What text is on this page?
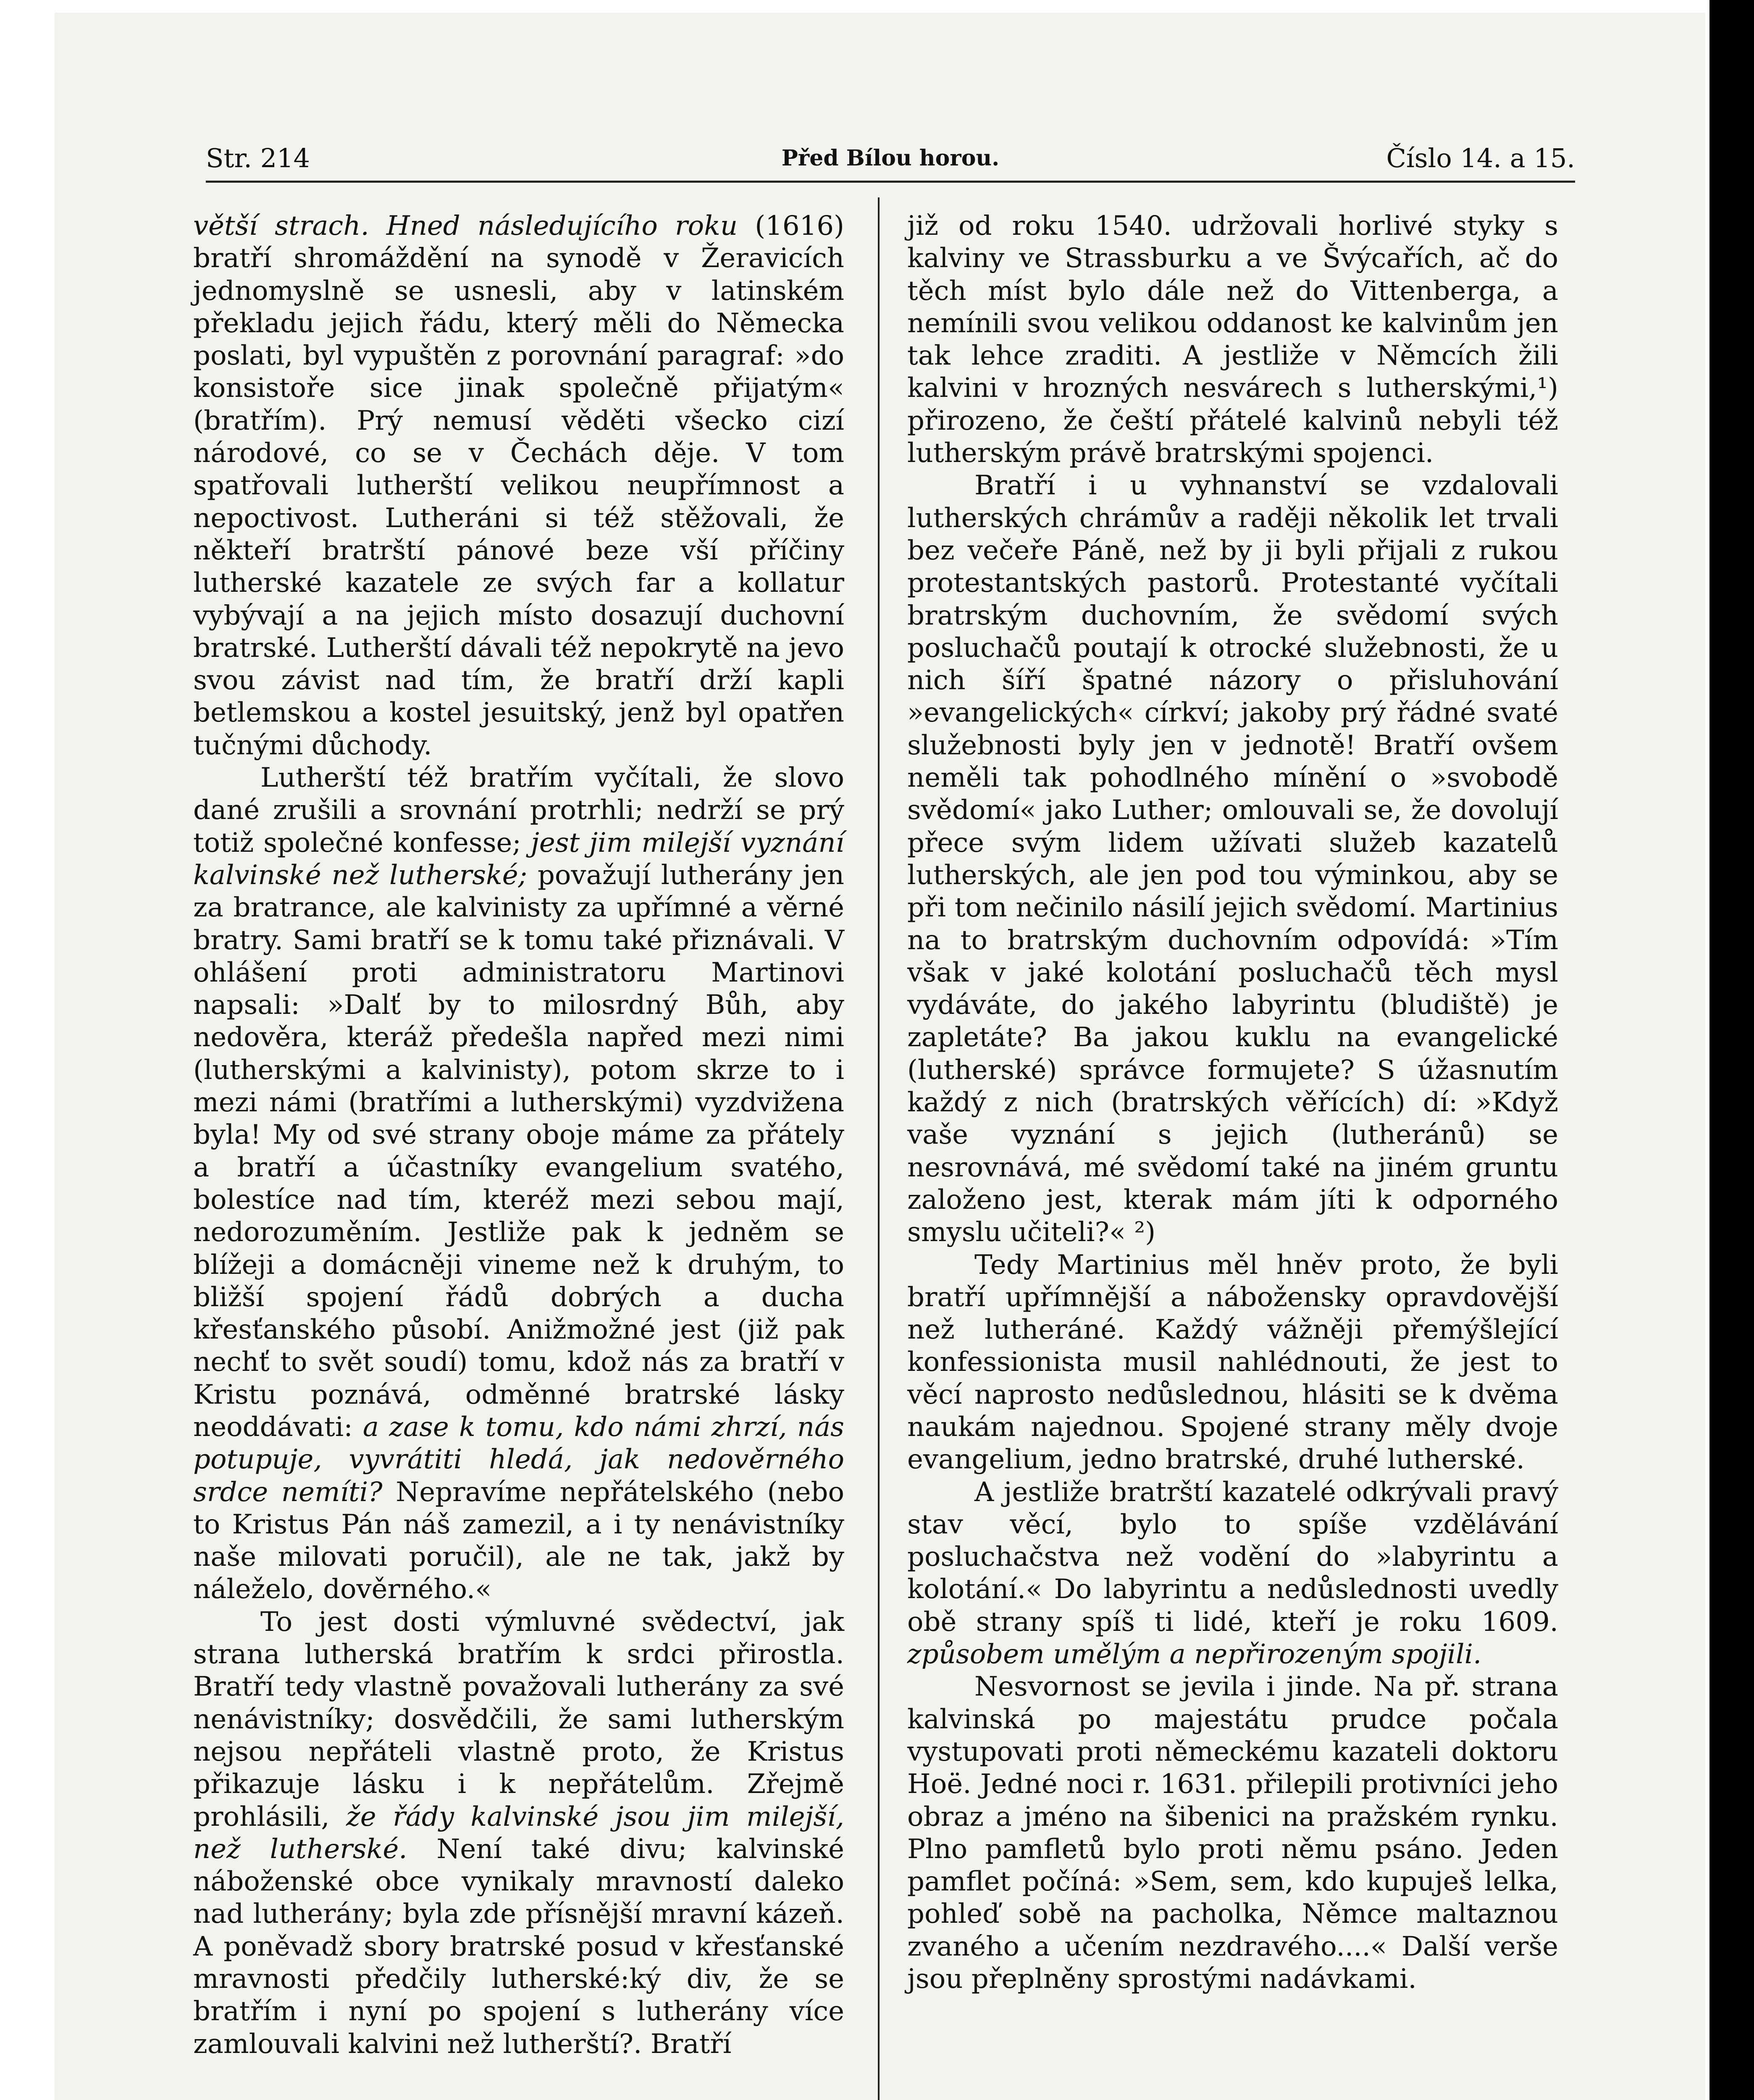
Str. 214	Před Bílou horou.	Číslo 14. a 15.

větší strach. Hned následujícího roku (1616) bratří shromáždění na synodě v Žeravicích jednomyslně se usnesli, aby v latinském překladu jejich řádu, který měli do Německa poslati, byl vypuštěn z porovnání paragraf: »do konsistoře sice jinak společně přijatým« (bratřím). Prý nemusí věděti všecko cizí národové, co se v Čechách děje. V tom spatřovali lutherští velikou neupřímnost a nepoctivost. Lutheráni si též stěžovali, že někteří bratrští pánové beze vší příčiny lutherské kazatele ze svých far a kollatur vybývají a na jejich místo dosazují duchovní bratrské. Lutherští dávali též nepokrytě na jevo svou závist nad tím, že bratří drží kapli betlemskou a kostel jesuitský, jenž byl opatřen tučnými důchody.

Lutherští též bratřím vyčítali, že slovo dané zrušili a srovnání protrhli; nedrží se prý totiž společné konfesse; jest jim milejší vyznání kalvinské než lutherské; považují lutherány jen za bratrance, ale kalvinisty za upřímné a věrné bratry. Sami bratří se k tomu také přiznávali. V ohlášení proti administratoru Martinovi napsali: »Dalť by to milosrdný Bůh, aby nedověra, kteráž předešla napřed mezi nimi (lutherskými a kalvinisty), potom skrze to i mezi námi (bratřími a lutherskými) vyzdvižena byla! My od své strany oboje máme za přátely a bratří a účastníky evangelium svatého, bolestíce nad tím, kteréž mezi sebou mají, nedorozuměním. Jestliže pak k jedněm se blížeji a domácněji vineme než k druhým, to bližší spojení řádů dobrých a ducha křesťanského působí. Anižmožné jest (již pak nechť to svět soudí) tomu, kdož nás za bratří v Kristu poznává, odměnné bratrské lásky neoddávati: a zase k tomu, kdo námi zhrzí, nás potupuje, vyvrátiti hledá, jak nedověrného srdce nemíti? Nepravíme nepřátelského (nebo to Kristus Pán náš zamezil, a i ty nenávistníky naše milovati poručil), ale ne tak, jakž by náleželo, dověrného.«

To jest dosti výmluvné svědectví, jak strana lutherská bratřím k srdci přirostla. Bratří tedy vlastně považovali lutherány za své nenávistníky; dosvědčili, že sami lutherským nejsou nepřáteli vlastně proto, že Kristus přikazuje lásku i k nepřátelům. Zřejmě prohlásili, že řády kalvinské jsou jim milejší, než lutherské. Není také divu; kalvinské náboženské obce vynikaly mravností daleko nad lutherány; byla zde přísnější mravní kázeň. A poněvadž sbory bratrské posud v křesťanské mravnosti předčily lutherské:ký div, že se bratřím i nyní po spojení s lutherány více zamlouvali kalvini než lutherští?. Bratří

již od roku 1540. udržovali horlivé styky s kalviny ve Strassburku a ve Švýcařích, ač do těch míst bylo dále než do Vittenberga, a nemínili svou velikou oddanost ke kalvinům jen tak lehce zraditi. A jestliže v Němcích žili kalvini v hrozných nesvárech s lutherskými,¹) přirozeno, že čeští přátelé kalvinů nebyli též lutherským právě bratrskými spojenci.

Bratří i u vyhnanství se vzdalovali lutherských chrámův a raději několik let trvali bez večeře Páně, než by ji byli přijali z rukou protestantských pastorů. Protestanté vyčítali bratrským duchovním, že svědomí svých posluchačů poutají k otrocké služebnosti, že u nich šíří špatné názory o přisluhování »evangelických« církví; jakoby prý řádné svaté služebnosti byly jen v jednotě! Bratří ovšem neměli tak pohodlného mínění o »svobodě svědomí« jako Luther; omlouvali se, že dovolují přece svým lidem užívati služeb kazatelů lutherských, ale jen pod tou výminkou, aby se při tom nečinilo násilí jejich svědomí. Martinius na to bratrským duchovním odpovídá: »Tím však v jaké kolotání posluchačů těch mysl vydáváte, do jakého labyrintu (bludiště) je zapletáte? Ba jakou kuklu na evangelické (lutherské) správce formujete? S úžasnutím každý z nich (bratrských věřících) dí: »Když vaše vyznání s jejich (lutheránů) se nesrovnává, mé svědomí také na jiném gruntu založeno jest, kterak mám jíti k odporného smyslu učiteli?« ²)

Tedy Martinius měl hněv proto, že byli bratří upřímnější a nábožensky opravdovější než lutheráné. Každý vážněji přemýšlející konfessionista musil nahlédnouti, že jest to věcí naprosto nedůslednou, hlásiti se k dvěma naukám najednou. Spojené strany měly dvoje evangelium, jedno bratrské, druhé lutherské.

A jestliže bratrští kazatelé odkrývali pravý stav věcí, bylo to spíše vzdělávání posluchačstva než vodění do »labyrintu a kolotání.« Do labyrintu a nedůslednosti uvedly obě strany spíš ti lidé, kteří je roku 1609. způsobem umělým a nepřirozeným spojili.

Nesvornost se jevila i jinde. Na př. strana kalvinská po majestátu prudce počala vystupovati proti německému kazateli doktoru Hoë. Jedné noci r. 1631. přilepili protivníci jeho obraz a jméno na šibenici na pražském rynku. Plno pamfletů bylo proti němu psáno. Jeden pamflet počíná: »Sem, sem, kdo kupuješ lelka, pohleď sobě na pacholka, Němce maltaznou zvaného a učením nezdravého....« Další verše jsou přeplněny sprostými nadávkami.
